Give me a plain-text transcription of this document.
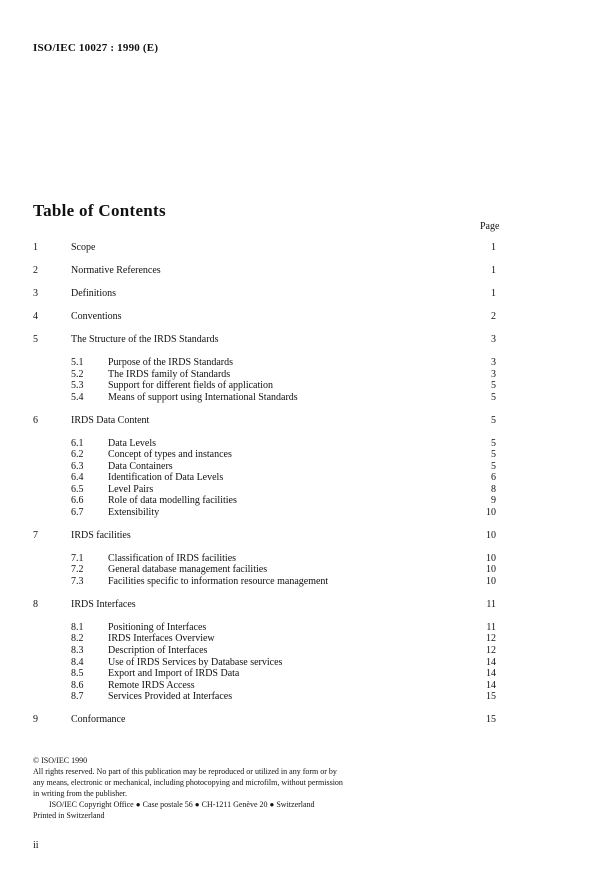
ISO/IEC 10027 : 1990 (E)
Table of Contents
Page
1	Scope	1
2	Normative References	1
3	Definitions	1
4	Conventions	2
5	The Structure of the IRDS Standards	3
5.1 Purpose of the IRDS Standards	3
5.2 The IRDS family of Standards	3
5.3 Support for different fields of application	5
5.4 Means of support using International Standards	5
6	IRDS Data Content	5
6.1 Data Levels	5
6.2 Concept of types and instances	5
6.3 Data Containers	5
6.4 Identification of Data Levels	6
6.5 Level Pairs	8
6.6 Role of data modelling facilities	9
6.7 Extensibility	10
7	IRDS facilities	10
7.1 Classification of IRDS facilities	10
7.2 General database management facilities	10
7.3 Facilities specific to information resource management	10
8	IRDS Interfaces	11
8.1 Positioning of Interfaces	11
8.2 IRDS Interfaces Overview	12
8.3 Description of Interfaces	12
8.4 Use of IRDS Services by Database services	14
8.5 Export and Import of IRDS Data	14
8.6 Remote IRDS Access	14
8.7 Services Provided at Interfaces	15
9	Conformance	15
© ISO/IEC 1990
All rights reserved. No part of this publication may be reproduced or utilized in any form or by
any means, electronic or mechanical, including photocopying and microfilm, without permission
in writing from the publisher.
ISO/IEC Copyright Office ● Case postale 56 ● CH-1211 Genève 20 ● Switzerland
Printed in Switzerland
ii
